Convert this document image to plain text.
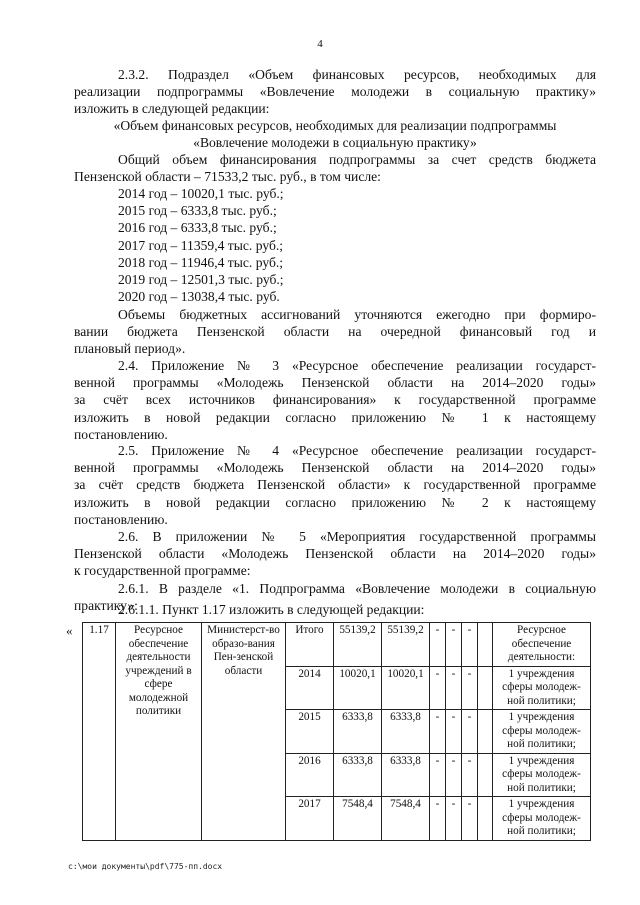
4
2.3.2. Подраздел «Объем финансовых ресурсов, необходимых для
реализации подпрограммы «Вовлечение молодежи в социальную практику»
изложить в следующей редакции:
«Объем финансовых ресурсов, необходимых для реализации подпрограммы
«Вовлечение молодежи в социальную практику»
Общий объем финансирования подпрограммы за счет средств бюджета
Пензенской области – 71533,2 тыс. руб., в том числе:
2014 год – 10020,1 тыс. руб.;
2015 год – 6333,8 тыс. руб.;
2016 год – 6333,8 тыс. руб.;
2017 год – 11359,4 тыс. руб.;
2018 год – 11946,4 тыс. руб.;
2019 год – 12501,3 тыс. руб.;
2020 год – 13038,4 тыс. руб.
Объемы бюджетных ассигнований уточняются ежегодно при формиро-
вании бюджета Пензенской области на очередной финансовый год и
плановый период».
2.4. Приложение № 3 «Ресурсное обеспечение реализации государст-
венной программы «Молодежь Пензенской области на 2014–2020 годы»
за счёт всех источников финансирования» к государственной программе
изложить в новой редакции согласно приложению № 1 к настоящему
постановлению.
2.5. Приложение № 4 «Ресурсное обеспечение реализации государст-
венной программы «Молодежь Пензенской области на 2014–2020 годы»
за счёт средств бюджета Пензенской области» к государственной программе
изложить в новой редакции согласно приложению № 2 к настоящему
постановлению.
2.6. В приложении № 5 «Мероприятия государственной программы
Пензенской области «Молодежь Пензенской области на 2014–2020 годы»
к государственной программе:
2.6.1. В разделе «1. Подпрограмма «Вовлечение молодежи в социальную
практику»:
2.6.1.1. Пункт 1.17 изложить в следующей редакции:
« 1.17	Ресурсное обеспечение деятельности учреждений в сфере молодежной политики	Министерст-во образо-вания Пен-зенской области	Итого	55139,2	55139,2	-	-	-		Ресурсное обеспечение деятельности:
			2014	10020,1	10020,1	-	-	-		1 учреждения сферы молодеж-ной политики;
			2015	6333,8	6333,8	-	-	-		1 учреждения сферы молодеж-ной политики;
			2016	6333,8	6333,8	-	-	-		1 учреждения сферы молодеж-ной политики;
			2017	7548,4	7548,4	-	-	-		1 учреждения сферы молодеж-ной политики;
c:\мои документы\pdf\775-пп.docx
